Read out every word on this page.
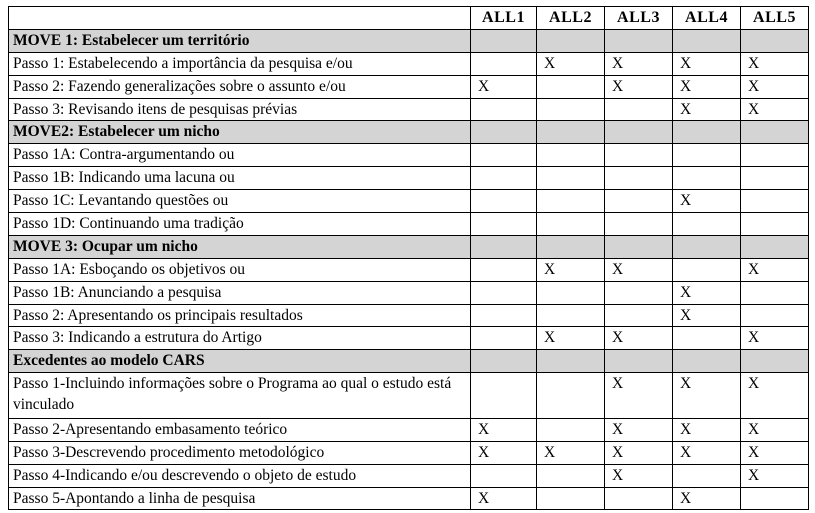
	ALL1	ALL2	ALL3	ALL4	ALL5
MOVE 1: Estabelecer um território					
Passo 1: Estabelecendo a importância da pesquisa e/ou		X	X	X	X
Passo 2: Fazendo generalizações sobre o assunto e/ou	X		X	X	X
Passo 3: Revisando itens de pesquisas prévias				X	X
MOVE2: Estabelecer um nicho					
Passo 1A: Contra-argumentando ou					
Passo 1B: Indicando uma lacuna ou					
Passo 1C: Levantando questões ou				X	
Passo 1D: Continuando uma tradição					
MOVE 3: Ocupar um nicho					
Passo 1A: Esboçando os objetivos ou		X	X		X
Passo 1B: Anunciando a pesquisa				X	
Passo 2: Apresentando os principais resultados				X	
Passo 3: Indicando a estrutura do Artigo		X	X		X
Excedentes ao modelo CARS					
Passo 1-Incluindo informações sobre o Programa ao qual o estudo está vinculado			X	X	X
Passo 2-Apresentando embasamento teórico	X		X	X	X
Passo 3-Descrevendo procedimento metodológico	X	X	X	X	X
Passo 4-Indicando e/ou descrevendo o objeto de estudo			X		X
Passo 5-Apontando a linha de pesquisa	X			X	
